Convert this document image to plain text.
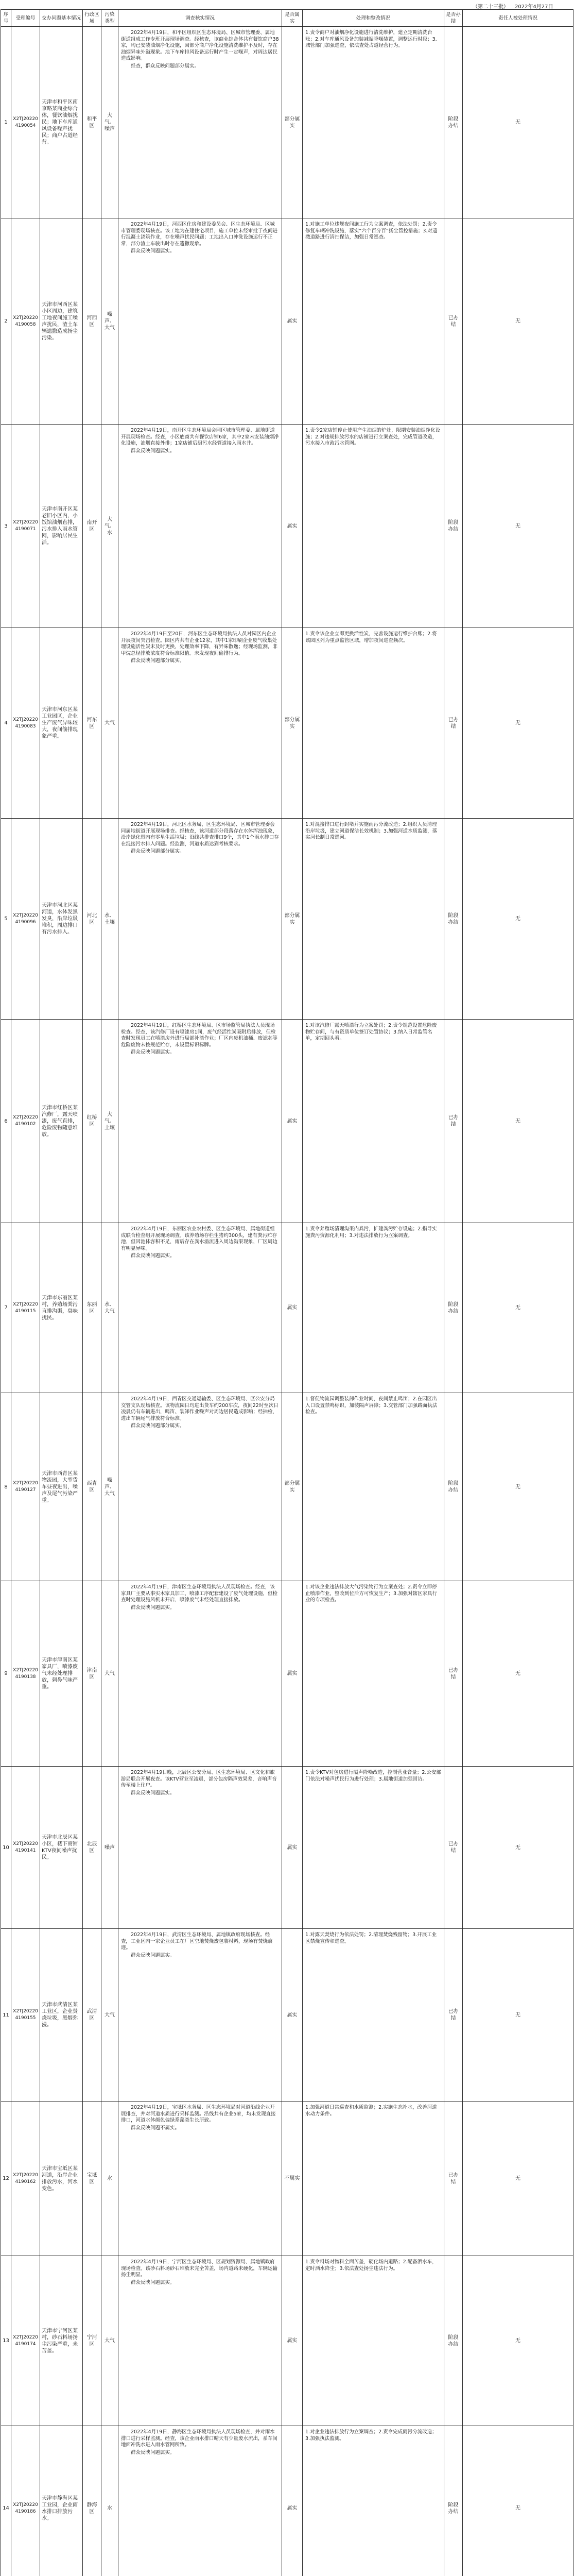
（第二十三批） 2022年4月27日
序号	受理编号	交办问题基本情况	行政区域	污染类型	调查核实情况	是否属实	处理和整改情况	是否办结	责任人被处理情况
1	X2TJ202204190054	天津市和平区南京路某商业综合体，餐饮油烟扰民；地下车库通风设备噪声扰民；商户占道经营。	和平区	大气、噪声	2022年4月19日，和平区组织区生态环境局、区城市管理委、属地街道组成工作专班开展现场调查。经核查，该商业综合体共有餐饮商户38家，均已安装油烟净化设施，因部分商户净化设施清洗维护不及时，存在油烟异味外溢现象。地下车库排风设备运行时产生一定噪声，对周边居民造成影响。

经查，群众反映问题部分属实。	部分属实	1.责令商户对油烟净化设施进行清洗维护，建立定期清洗台账；2.对车库通风设备加装减振降噪装置，调整运行时段；3.城管部门加强巡查，依法查处占道经营行为。	阶段办结	无
2	X2TJ202204190058	天津市河西区某小区周边，建筑工地夜间施工噪声扰民，渣土车辆遗撒造成扬尘污染。	河西区	噪声、大气	2022年4月19日，河西区住房和建设委员会、区生态环境局、区城市管理委现场核查。该工地为在建住宅项目，施工单位未经审批于夜间进行混凝土浇筑作业，存在噪声扰民问题；工地出入口冲洗设施运行不正常，部分渣土车驶出时存在遗撒现象。

群众反映问题属实。	属实	1.对施工单位违规夜间施工行为立案调查，依法处罚；2.责令修复车辆冲洗设施，落实“六个百分百”扬尘管控措施；3.对遗撒道路进行清扫保洁，加强日常巡查。	已办结	无
3	X2TJ202204190071	天津市南开区某老旧小区内，小饭馆油烟直排，污水排入雨水管网，影响居民生活。	南开区	大气、水	2022年4月19日，南开区生态环境局会同区城市管理委、属地街道开展现场检查。经查，小区底商共有餐饮店铺6家，其中2家未安装油烟净化设施，油烟直接外排；1家店铺后厨污水经管道接入雨水井。

群众反映问题属实。	属实	1.责令2家店铺停止使用产生油烟的炉灶，限期安装油烟净化设施；2.对违规排放污水的店铺进行立案查处，完成管道改造，污水接入市政污水管网。	阶段办结	无
4	X2TJ202204190083	天津市河东区某工业园区，企业生产废气异味较大，夜间偷排现象严重。	河东区	大气	2022年4月19日至20日，河东区生态环境局执法人员对园区内企业开展夜间突击检查。园区内共有企业12家，其中1家印刷企业废气收集处理设施活性炭未及时更换，处理效率下降，有异味散逸；经现场监测，非甲烷总烃排放浓度符合标准限值。未发现夜间偷排行为。

群众反映问题部分属实。	部分属实	1.责令该企业立即更换活性炭，完善设施运行维护台账；2.将该园区列为重点监管区域，增加夜间巡查频次。	已办结	无
5	X2TJ202204190096	天津市河北区某河道，水体发黑发臭，沿岸垃圾堆积，周边排口有污水排入。	河北区	水、土壤	2022年4月19日，河北区水务局、区生态环境局、区城市管理委会同属地街道开展现场排查。经核查，该河道部分段落存在水体浑浊现象，沿岸绿化带内有零星生活垃圾；沿线共排查排口9个，其中1个雨水排口存在混接污水排入问题。经监测，河道水质达到考核要求。

群众反映问题部分属实。	部分属实	1.对混接排口进行封堵并实施雨污分流改造；2.组织人员清理沿岸垃圾，建立河道保洁长效机制；3.加强河道水质监测，落实河长制日常巡河。	阶段办结	无
6	X2TJ202204190102	天津市红桥区某汽修厂，露天喷漆，废气直排，危险废物随意堆放。	红桥区	大气、土壤	2022年4月19日，红桥区生态环境局、区市场监管局执法人员现场检查。经查，该汽修厂设有喷漆房1间，废气经活性炭吸附后排放，但检查时发现员工在喷漆房外进行局部补漆作业；厂区内废机油桶、废滤芯等危险废物未按规范贮存，未设置标识标牌。

群众反映问题属实。	属实	1.对该汽修厂露天喷漆行为立案处罚；2.责令规范设置危险废物贮存间，与有资质单位签订处置协议；3.纳入日常监管名单，定期回头看。	已办结	无
7	X2TJ202204190115	天津市东丽区某村，养殖场粪污直排沟渠，臭味扰民。	东丽区	水、大气	2022年4月19日，东丽区农业农村委、区生态环境局、属地街道组成联合检查组开展现场调查。该养殖场存栏生猪约300头，建有粪污贮存池，但因池体容积不足，雨后存在粪水溢流进入周边沟渠现象，厂区周边有明显异味。

群众反映问题属实。	属实	1.责令养殖场清理沟渠内粪污，扩建粪污贮存设施；2.指导实施粪污资源化利用；3.对违法排放行为立案调查。	阶段办结	无
8	X2TJ202204190127	天津市西青区某物流园，大型货车昼夜进出，噪声及尾气污染严重。	西青区	噪声、大气	2022年4月19日，西青区交通运输委、区生态环境局、区公安分局交管支队现场核查。该物流园日均进出货车约200车次，夜间22时至次日凌晨仍有车辆进出，鸣笛、装卸作业噪声对周边居民造成影响；经抽检，进出车辆尾气排放符合标准。

群众反映问题部分属实。	部分属实	1.督促物流园调整装卸作业时间，夜间禁止鸣笛；2.在园区出入口设置禁鸣标识，加装隔声屏障；3.交管部门加强路面执法检查。	阶段办结	无
9	X2TJ202204190138	天津市津南区某家具厂，喷漆废气未经处理排放，刺鼻气味严重。	津南区	大气	2022年4月19日，津南区生态环境局执法人员现场检查。经查，该家具厂主要从事实木家具加工，喷漆工序配套建设了废气处理设施，但检查时处理设施风机未开启，喷漆废气未经处理直接排放。

群众反映问题属实。	属实	1.对该企业违法排放大气污染物行为立案查处；2.责令立即停止喷漆作业，整改到位后方可恢复生产；3.加强对辖区家具行业的专项检查。	已办结	无
10	X2TJ202204190141	天津市北辰区某小区，楼下商铺KTV夜间噪声扰民。	北辰区	噪声	2022年4月19日晚，北辰区公安分局、区生态环境局、区文化和旅游局联合开展夜查。该KTV营业至凌晨，部分包房隔声效果差，音响声音传至楼上住户。

群众反映问题属实。	属实	1.责令KTV对包房进行隔声降噪改造，控制营业音量；2.公安部门依法对噪声扰民行为进行处理；3.属地街道加强回访。	已办结	无
11	X2TJ202204190155	天津市武清区某工业区，企业焚烧垃圾，黑烟弥漫。	武清区	大气	2022年4月19日，武清区生态环境局、属地镇政府现场核查。经查，工业区内一家企业员工在厂区空地焚烧废包装材料，现场有焚烧痕迹。

群众反映问题属实。	属实	1.对露天焚烧行为依法处罚；2.清理焚烧残留物；3.开展工业区禁烧宣传和巡查。	已办结	无
12	X2TJ202204190162	天津市宝坻区某河道，沿岸企业排放污水，河水变色。	宝坻区	水	2022年4月19日，宝坻区水务局、区生态环境局对河道沿线企业开展排查，并对河道水质进行采样监测。沿线共有企业5家，均未发现直接排口，河道水体颜色偏绿系藻类生长所致。

群众反映问题不属实。	不属实	1.加强河道日常巡查和水质监测；2.实施生态补水，改善河道水动力条件。	已办结	无
13	X2TJ202204190174	天津市宁河区某村，砂石料场扬尘污染严重，未苫盖。	宁河区	大气	2022年4月19日，宁河区生态环境局、区规划资源局、属地镇政府现场检查。该砂石料场砂石堆放未完全苫盖，场内道路未硬化，车辆运输扬尘明显。

群众反映问题属实。	属实	1.责令料场对物料全面苫盖，硬化场内道路；2.配备洒水车，定时洒水降尘；3.依法查处扬尘违法行为。	阶段办结	无
14	X2TJ202204190186	天津市静海区某工业园，企业雨水排口排放污水。	静海区	水	2022年4月19日，静海区生态环境局执法人员现场检查，并对雨水排口进行采样监测。经查，该企业雨水排口晴天有少量废水流出，系车间地面冲洗水进入雨水管网所致。

群众反映问题属实。	属实	1.对企业违法排放行为立案调查；2.责令完成雨污分流改造；3.加强执法监测。	阶段办结	无
